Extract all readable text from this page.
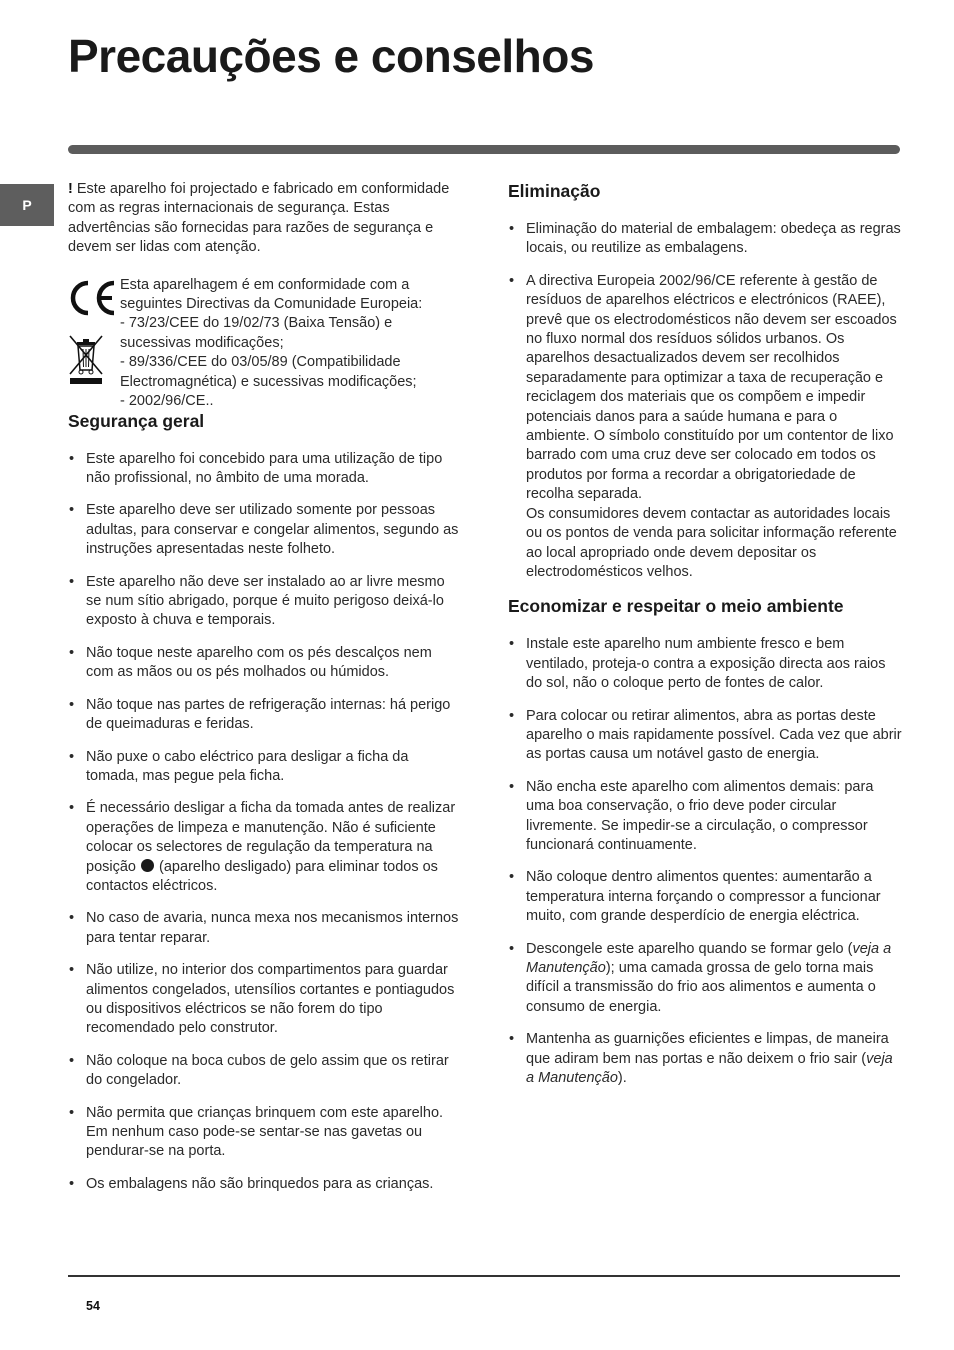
Precauções e conselhos
P

! Este aparelho foi projectado e fabricado em conformidade com as regras internacionais de segurança. Estas advertências são fornecidas para razões de segurança e devem ser lidas com atenção.

Esta aparelhagem é em conformidade com a seguintes Directivas da Comunidade Europeia:
- 73/23/CEE do 19/02/73 (Baixa Tensão) e sucessivas modificações;
- 89/336/CEE do 03/05/89 (Compatibilidade Electromagnética) e sucessivas modificações;
- 2002/96/CE..
Segurança geral
• Este aparelho foi concebido para uma utilização de tipo não profissional, no âmbito de uma morada.
• Este aparelho deve ser utilizado somente por pessoas adultas, para conservar e congelar alimentos, segundo as instruções apresentadas neste folheto.
• Este aparelho não deve ser instalado ao ar livre mesmo se num sítio abrigado, porque é muito perigoso deixá-lo exposto à chuva e temporais.
• Não toque neste aparelho com os pés descalços nem com as mãos ou os pés molhados ou húmidos.
• Não toque nas partes de refrigeração internas: há perigo de queimaduras e feridas.
• Não puxe o cabo eléctrico para desligar a ficha da tomada, mas pegue pela ficha.
• É necessário desligar a ficha da tomada antes de realizar operações de limpeza e manutenção. Não é suficiente colocar os selectores de regulação da temperatura na posição  (aparelho desligado) para eliminar todos os contactos eléctricos.
• No caso de avaria, nunca mexa nos mecanismos internos para tentar reparar.
• Não utilize, no interior dos compartimentos para guardar alimentos congelados, utensílios cortantes e pontiagudos ou dispositivos eléctricos se não forem do tipo recomendado pelo construtor.
• Não coloque na boca cubos de gelo assim que os retirar do congelador.
• Não permita que crianças brinquem com este aparelho. Em nenhum caso pode-se sentar-se nas gavetas ou pendurar-se na porta.
• Os embalagens não são brinquedos para as crianças.
Eliminação
• Eliminação do material de embalagem: obedeça as regras locais, ou reutilize as embalagens.
• A directiva Europeia 2002/96/CE referente à gestão de resíduos de aparelhos eléctricos e electrónicos (RAEE), prevê que os electrodomésticos não devem ser escoados no fluxo normal dos resíduos sólidos urbanos. Os aparelhos desactualizados devem ser recolhidos separadamente para optimizar a taxa de recuperação e reciclagem dos materiais que os compõem e impedir potenciais danos para a saúde humana e para o ambiente. O símbolo constituído por um contentor de lixo barrado com uma cruz deve ser colocado em todos os produtos por forma a recordar a obrigatoriedade de recolha separada.
Os consumidores devem contactar as autoridades locais ou os pontos de venda para solicitar informação referente ao local apropriado onde devem depositar os electrodomésticos velhos.
Economizar e respeitar o meio ambiente
• Instale este aparelho num ambiente fresco e bem ventilado, proteja-o contra a exposição directa aos raios do sol, não o coloque perto de fontes de calor.
• Para colocar ou retirar alimentos, abra as portas deste aparelho o mais rapidamente possível. Cada vez que abrir as portas causa um notável gasto de energia.
• Não encha este aparelho com alimentos demais: para uma boa conservação, o frio deve poder circular livremente. Se impedir-se a circulação, o compressor funcionará continuamente.
• Não coloque dentro alimentos quentes: aumentarão a temperatura interna forçando o compressor a funcionar muito, com grande desperdício de energia eléctrica.
• Descongele este aparelho quando se formar gelo (veja a Manutenção); uma camada grossa de gelo torna mais difícil a transmissão do frio aos alimentos e aumenta o consumo de energia.
• Mantenha as guarnições eficientes e limpas, de maneira que adiram bem nas portas e não deixem o frio sair (veja a Manutenção).
54
